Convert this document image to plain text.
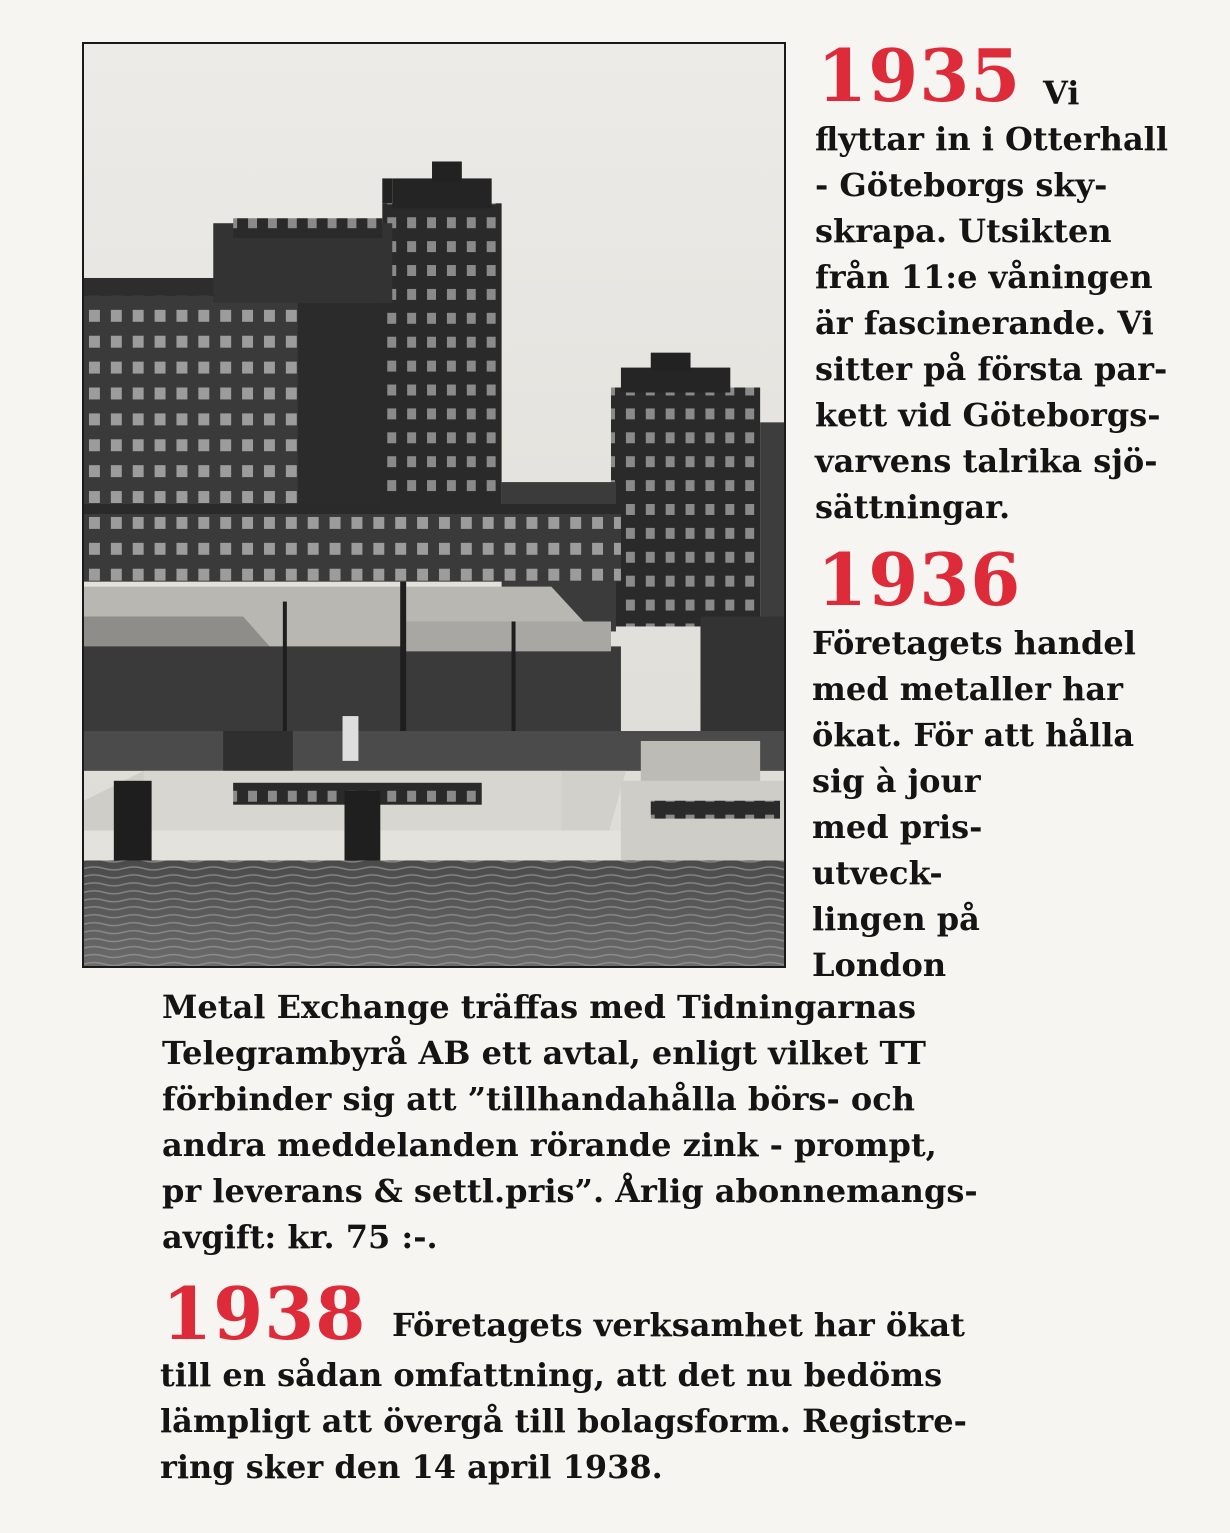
1935 Vi
flyttar in i Otterhall
- Göteborgs sky-
skrapa. Utsikten
från 11:e våningen
är fascinerande. Vi
sitter på första par-
kett vid Göteborgs-
varvens talrika sjö-
sättningar.
1936
Företagets handel
med metaller har
ökat. För att hålla
sig à jour
med pris-
utveck-
lingen på
London
Metal Exchange träffas med Tidningarnas
Telegrambyrå AB ett avtal, enligt vilket TT
förbinder sig att ”tillhandahålla börs- och
andra meddelanden rörande zink - prompt,
pr leverans & settl.pris”. Årlig abonnemangs-
avgift: kr. 75 :-.
1938 Företagets verksamhet har ökat
till en sådan omfattning, att det nu bedöms
lämpligt att övergå till bolagsform. Registre-
ring sker den 14 april 1938.
